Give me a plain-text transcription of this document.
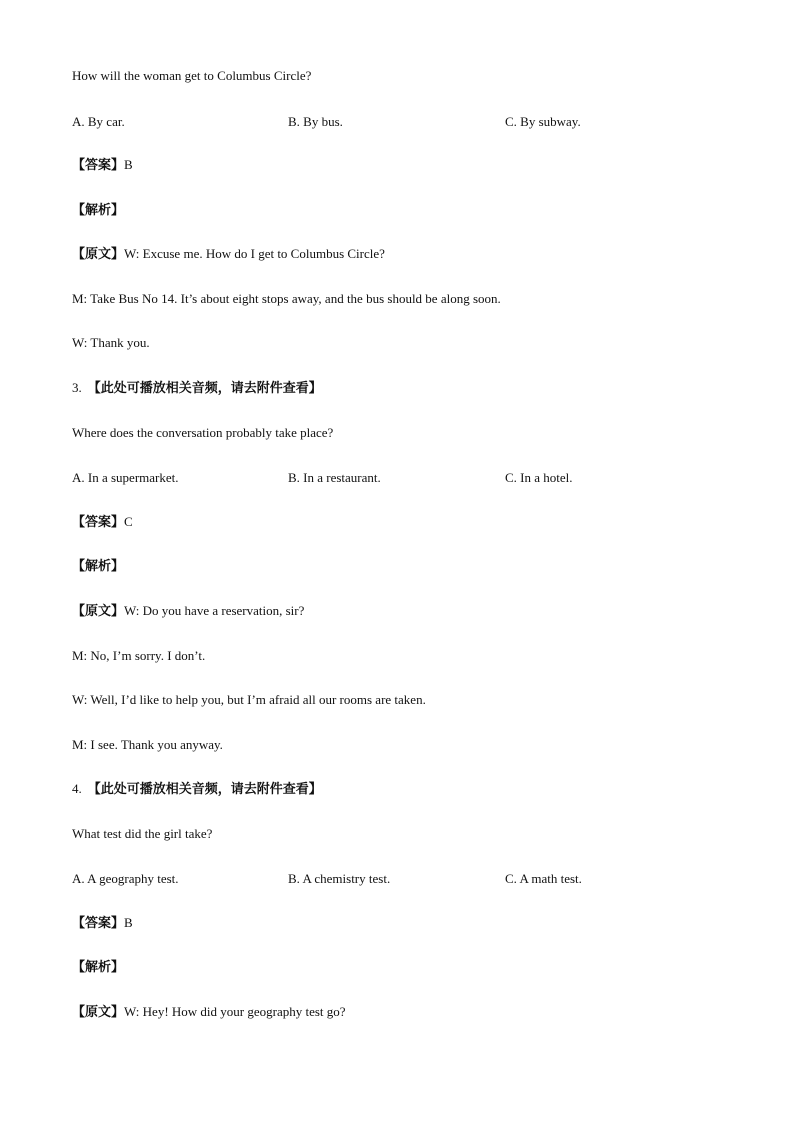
How will the woman get to Columbus Circle?
A. By car.	B. By bus.	C. By subway.
【答案】B
【解析】
【原文】W: Excuse me. How do I get to Columbus Circle?
M: Take Bus No 14. It’s about eight stops away, and the bus should be along soon.
W: Thank you.
3. 【此处可播放相关音频，请去附件查看】
Where does the conversation probably take place?
A. In a supermarket.	B. In a restaurant.	C. In a hotel.
【答案】C
【解析】
【原文】W: Do you have a reservation, sir?
M: No, I’m sorry. I don’t.
W: Well, I’d like to help you, but I’m afraid all our rooms are taken.
M: I see. Thank you anyway.
4. 【此处可播放相关音频，请去附件查看】
What test did the girl take?
A. A geography test.	B. A chemistry test.	C. A math test.
【答案】B
【解析】
【原文】W: Hey! How did your geography test go?
